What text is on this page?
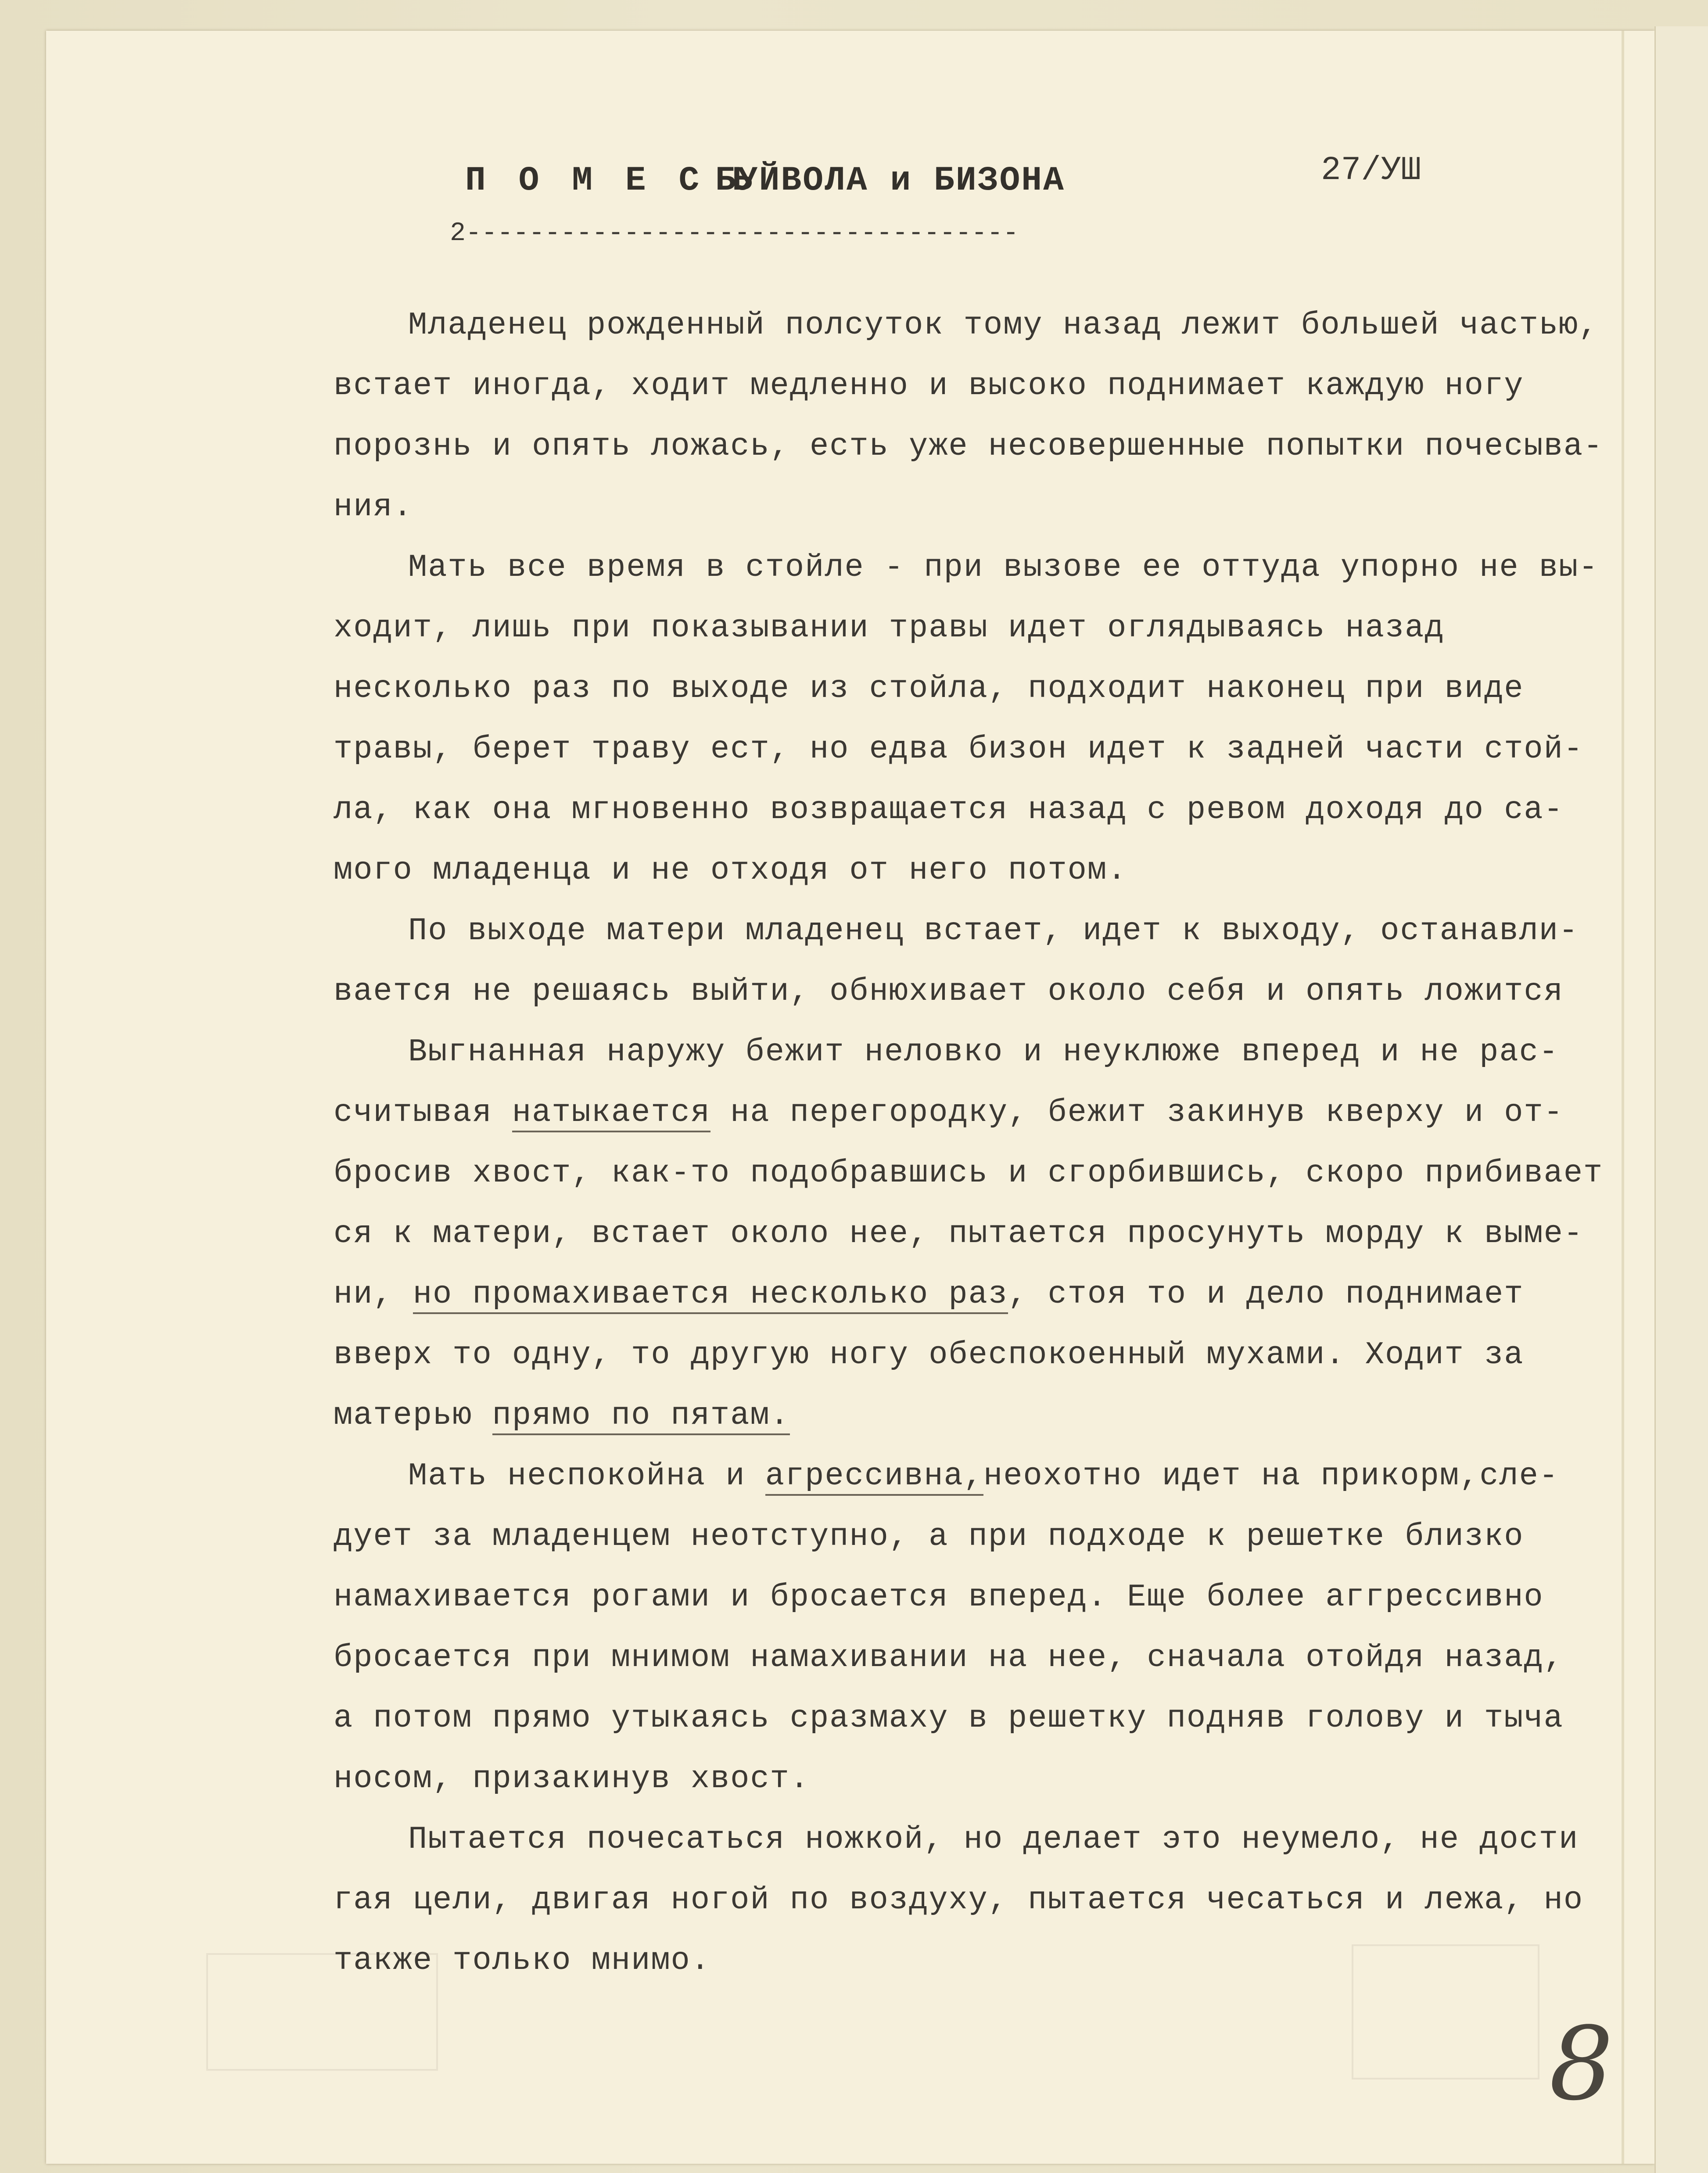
П О М Е С Ь
БУЙВОЛА и БИЗОНА	27/УШ
2-----------------------------------
Младенец рожденный полсуток тому назад лежит большей частью,
встает иногда, ходит медленно и высоко поднимает каждую ногу
порознь и опять ложась, есть уже несовершенные попытки почесыва-
ния.
Мать все время в стойле - при вызове ее оттуда упорно не вы-
ходит, лишь при показывании травы идет оглядываясь назад
несколько раз по выходе из стойла, подходит наконец при виде
травы, берет траву ест, но едва бизон идет к задней части стой-
ла, как она мгновенно возвращается назад с ревом доходя до са-
мого младенца и не отходя от него потом.
По выходе матери младенец встает, идет к выходу, останавли-
вается не решаясь выйти, обнюхивает около себя и опять ложится
Выгнанная наружу бежит неловко и неуклюже вперед и не рас-
считывая натыкается на перегородку, бежит закинув кверху и от-
бросив хвост, как-то подобравшись и сгорбившись, скоро прибивает
ся к матери, встает около нее, пытается просунуть морду к выме-
ни, но промахивается несколько раз, стоя то и дело поднимает
вверх то одну, то другую ногу обеспокоенный мухами. Ходит за
матерью прямо по пятам.
Мать неспокойна и агрессивна,неохотно идет на прикорм,сле-
дует за младенцем неотступно, а при подходе к решетке близко
намахивается рогами и бросается вперед. Еще более аггрессивно
бросается при мнимом намахивании на нее, сначала отойдя назад,
а потом прямо утыкаясь сразмаху в решетку подняв голову и тыча
носом, призакинув хвост.
Пытается почесаться ножкой, но делает это неумело, не дости
гая цели, двигая ногой по воздуху, пытается чесаться и лежа, но
также только мнимо.
8
